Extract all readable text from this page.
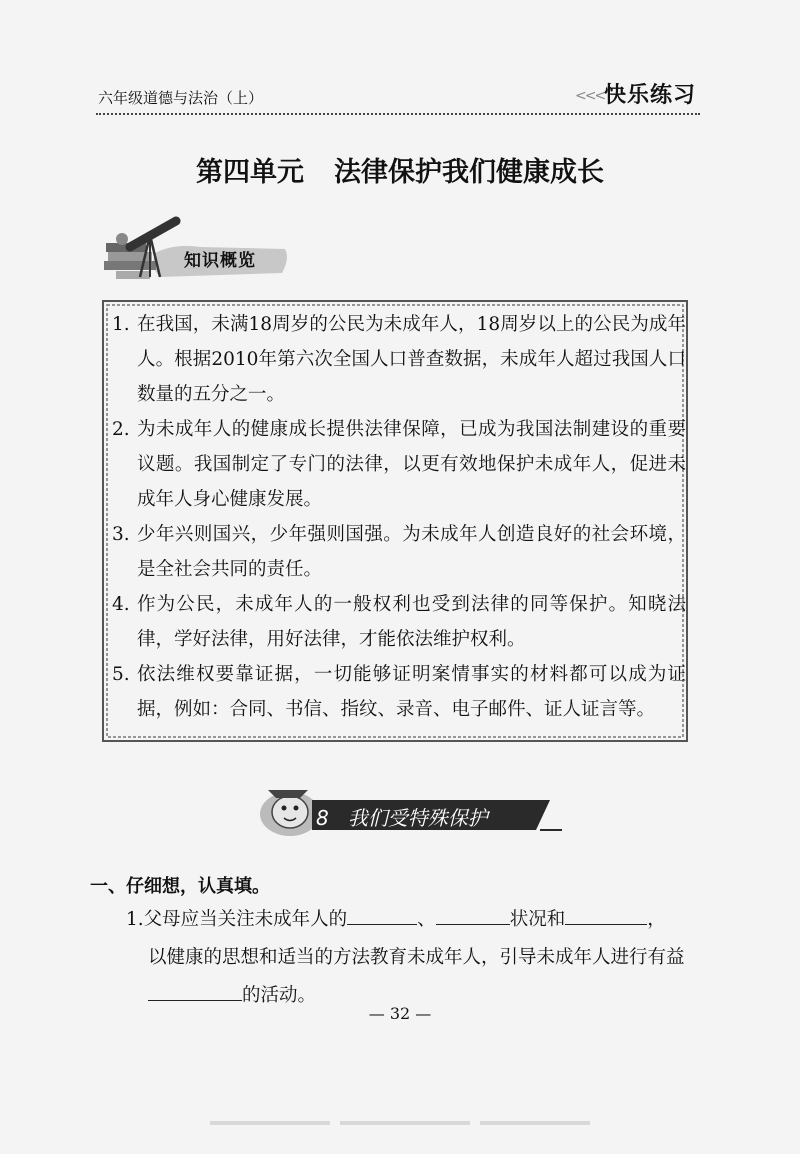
六年级道德与法治（上）	<<< 快乐练习
第四单元 法律保护我们健康成长
知识概览
1. 在我国，未满18周岁的公民为未成年人，18周岁以上的公民为成年人。根据2010年第六次全国人口普查数据，未成年人超过我国人口数量的五分之一。
2. 为未成年人的健康成长提供法律保障，已成为我国法制建设的重要议题。我国制定了专门的法律，以更有效地保护未成年人，促进未成年人身心健康发展。
3. 少年兴则国兴，少年强则国强。为未成年人创造良好的社会环境，是全社会共同的责任。
4. 作为公民，未成年人的一般权利也受到法律的同等保护。知晓法律，学好法律，用好法律，才能依法维护权利。
5. 依法维权要靠证据，一切能够证明案情事实的材料都可以成为证据，例如：合同、书信、指纹、录音、电子邮件、证人证言等。
8 我们受特殊保护
一、仔细想，认真填。
1.父母应当关注未成年人的	、	状况和	，
以健康的思想和适当的方法教育未成年人，引导未成年人进行有益
的活动。
— 32 —
